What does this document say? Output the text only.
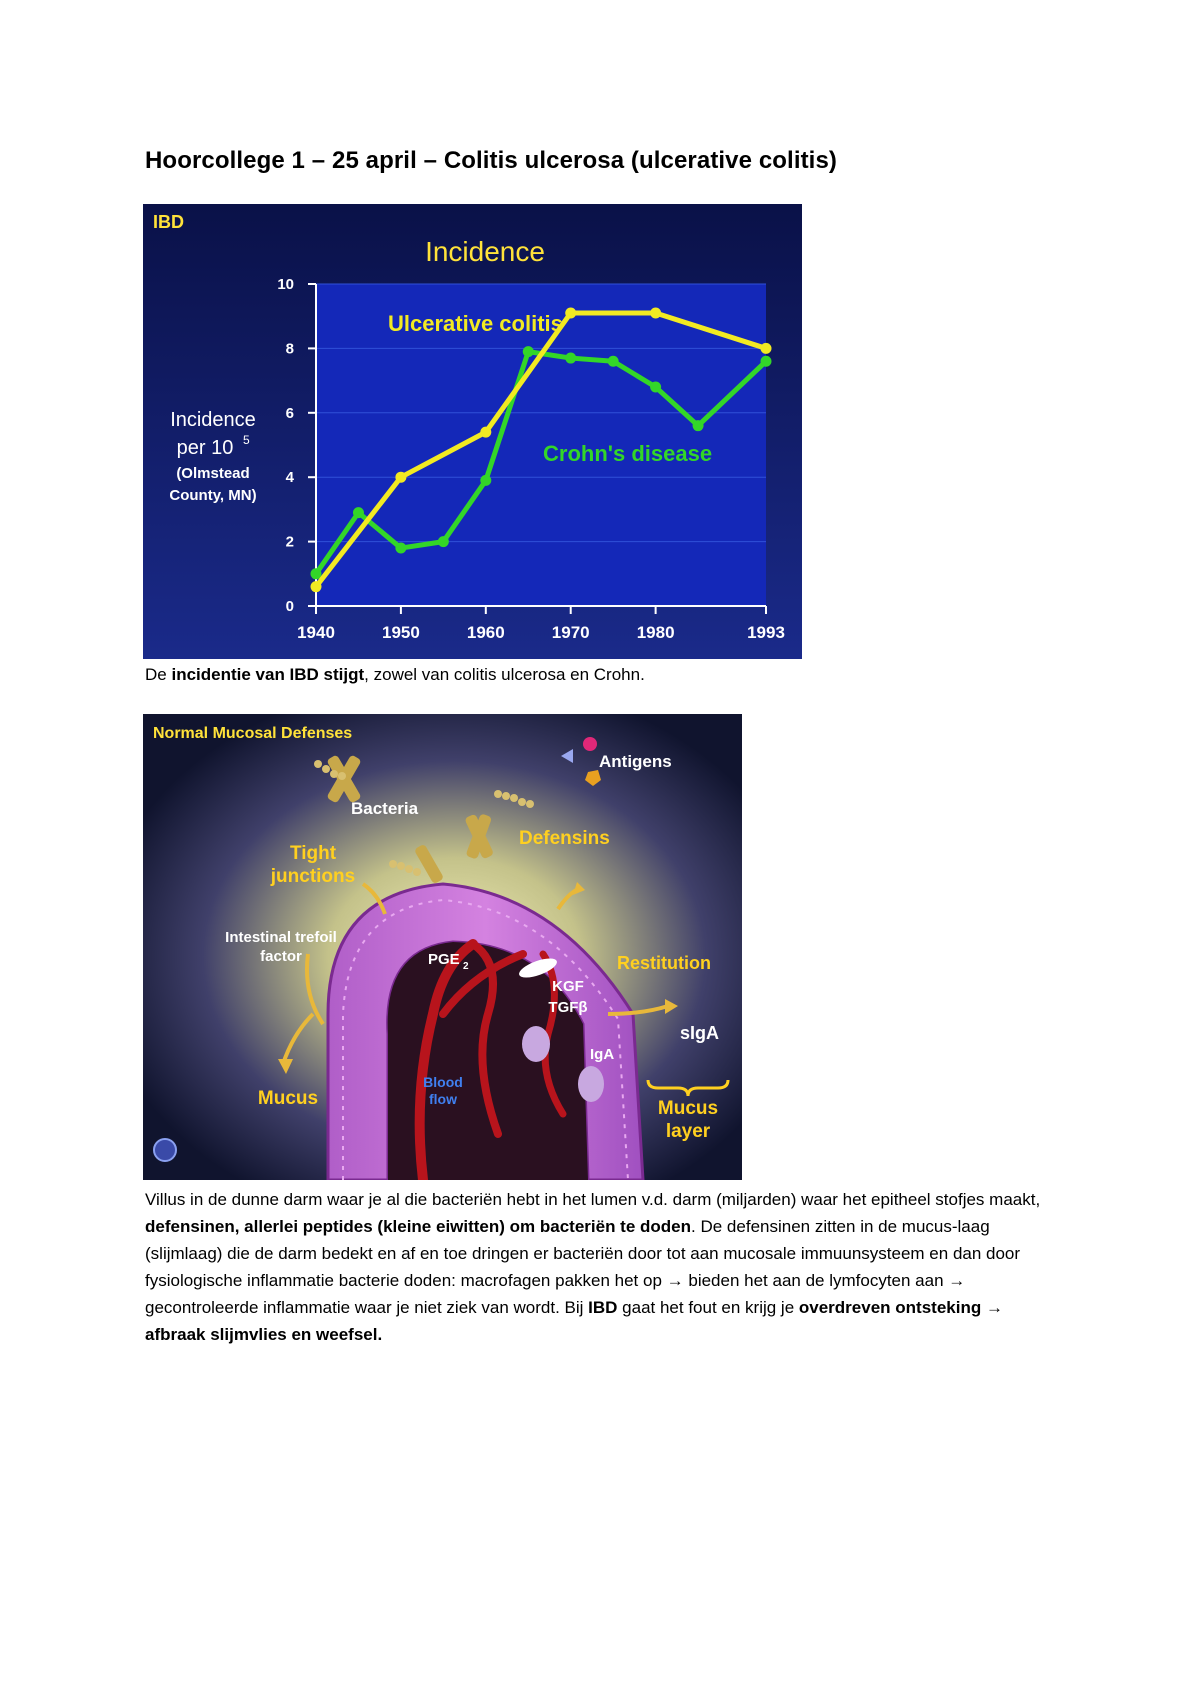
Hoorcollege 1 – 25 april – Colitis ulcerosa (ulcerative colitis)
IBD
Incidence
0
2
4
6
8
10
1940	1950	1960	1970	1980	1993
Incidence
per 10 5
(Olmstead
County, MN)
Ulcerative colitis
Crohn's disease
De incidentie van IBD stijgt, zowel van colitis ulcerosa en Crohn.
Normal Mucosal Defenses
Antigens
Bacteria
Defensins
Tight
junctions
Intestinal trefoil
factor	PGE 2	Restitution
KGF
TGFβ
sIgA
IgA
Blood
flow
Mucus	Mucus
layer

Villus in de dunne darm waar je al die bacteriën hebt in het lumen v.d. darm (miljarden) waar het epitheel stofjes maakt, defensinen, allerlei peptides (kleine eiwitten) om bacteriën te doden. De defensinen zitten in de mucus-laag (slijmlaag) die de darm bedekt en af en toe dringen er bacteriën door tot aan mucosale immuunsysteem en dan door fysiologische inflammatie bacterie doden: macrofagen pakken het op → bieden het aan de lymfocyten aan → gecontroleerde inflammatie waar je niet ziek van wordt. Bij IBD gaat het fout en krijg je overdreven ontsteking → afbraak slijmvlies en weefsel.
